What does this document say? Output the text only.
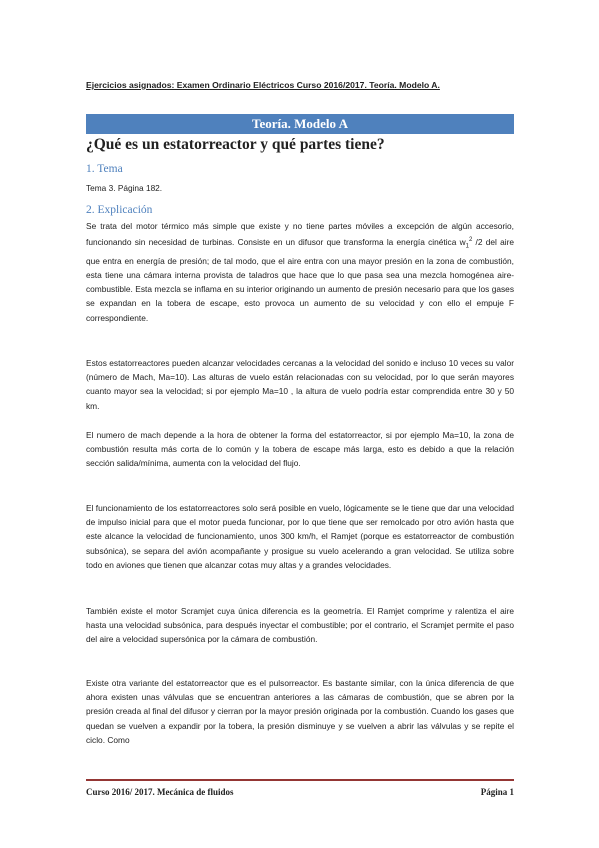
Ejercicios asignados: Examen Ordinario Eléctricos Curso 2016/2017. Teoría. Modelo A.
Teoría. Modelo A
¿Qué es un estatorreactor y qué partes tiene?
1. Tema
Tema 3. Página 182.
2. Explicación
Se trata del motor térmico más simple que existe y no tiene partes móviles a excepción de algún accesorio, funcionando sin necesidad de turbinas. Consiste en un difusor que transforma la energía cinética $w_1^2$ /2 del aire que entra en energía de presión; de tal modo, que el aire entra con una mayor presión en la zona de combustión, esta tiene una cámara interna provista de taladros que hace que lo que pasa sea una mezcla homogénea aire-combustible. Esta mezcla se inflama en su interior originando un aumento de presión necesario para que los gases se expandan en la tobera de escape, esto provoca un aumento de su velocidad y con ello el empuje F correspondiente.
Estos estatorreactores pueden alcanzar velocidades cercanas a la velocidad del sonido e incluso 10 veces su valor (número de Mach, Ma=10). Las alturas de vuelo están relacionadas con su velocidad, por lo que serán mayores cuanto mayor sea la velocidad; si por ejemplo Ma=10 , la altura de vuelo podría estar comprendida entre 30 y 50 km.
El numero de mach depende a la hora de obtener la forma del estatorreactor, si por ejemplo Ma=10, la zona de combustión resulta más corta de lo común y la tobera de escape más larga, esto es debido a que la relación sección salida/mínima, aumenta con la velocidad del flujo.
El funcionamiento de los estatorreactores solo será posible en vuelo, lógicamente se le tiene que dar una velocidad de impulso inicial para que el motor pueda funcionar, por lo que tiene que ser remolcado por otro avión hasta que este alcance la velocidad de funcionamiento, unos 300 km/h, el Ramjet (porque es estatorreactor de combustión subsónica), se separa del avión acompañante y prosigue su vuelo acelerando a gran velocidad. Se utiliza sobre todo en aviones que tienen que alcanzar cotas muy altas y a grandes velocidades.
También existe el motor Scramjet cuya única diferencia es la geometría. El Ramjet comprime y ralentiza el aire hasta una velocidad subsónica, para después inyectar el combustible; por el contrario, el Scramjet permite el paso del aire a velocidad supersónica por la cámara de combustión.
Existe otra variante del estatorreactor que es el pulsorreactor. Es bastante similar, con la única diferencia de que ahora existen unas válvulas que se encuentran anteriores a las cámaras de combustión, que se abren por la presión creada al final del difusor y cierran por la mayor presión originada por la combustión. Cuando los gases que quedan se vuelven a expandir por la tobera, la presión disminuye y se vuelven a abrir las válvulas y se repite el ciclo. Como
Curso 2016/ 2017. Mecánica de fluidos	Página 1
